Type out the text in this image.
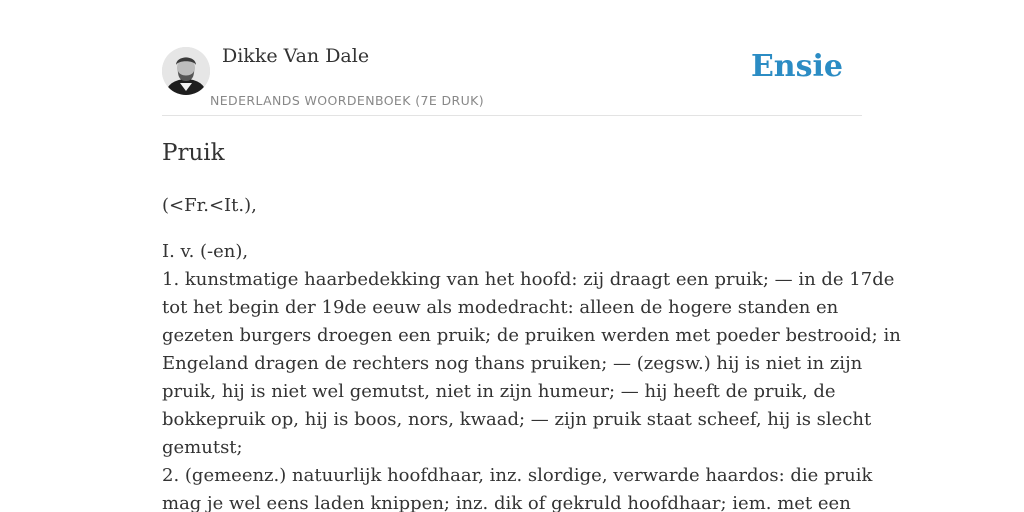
Dikke Van Dale
NEDERLANDS WOORDENBOEK (7E DRUK)
Ensie
Pruik
(<Fr.<It.),
I. v. (-en),
1. kunstmatige haarbedekking van het hoofd: zij draagt een pruik; — in de 17de
tot het begin der 19de eeuw als modedracht: alleen de hogere standen en
gezeten burgers droegen een pruik; de pruiken werden met poeder bestrooid; in
Engeland dragen de rechters nog thans pruiken; — (zegsw.) hij is niet in zijn
pruik, hij is niet wel gemutst, niet in zijn humeur; — hij heeft de pruik, de
bokkepruik op, hij is boos, nors, kwaad; — zijn pruik staat scheef, hij is slecht
gemutst;
2. (gemeenz.) natuurlijk hoofdhaar, inz. slordige, verwarde haardos: die pruik
mag je wel eens laden knippen; inz. dik of gekruld hoofdhaar; iem. met een
